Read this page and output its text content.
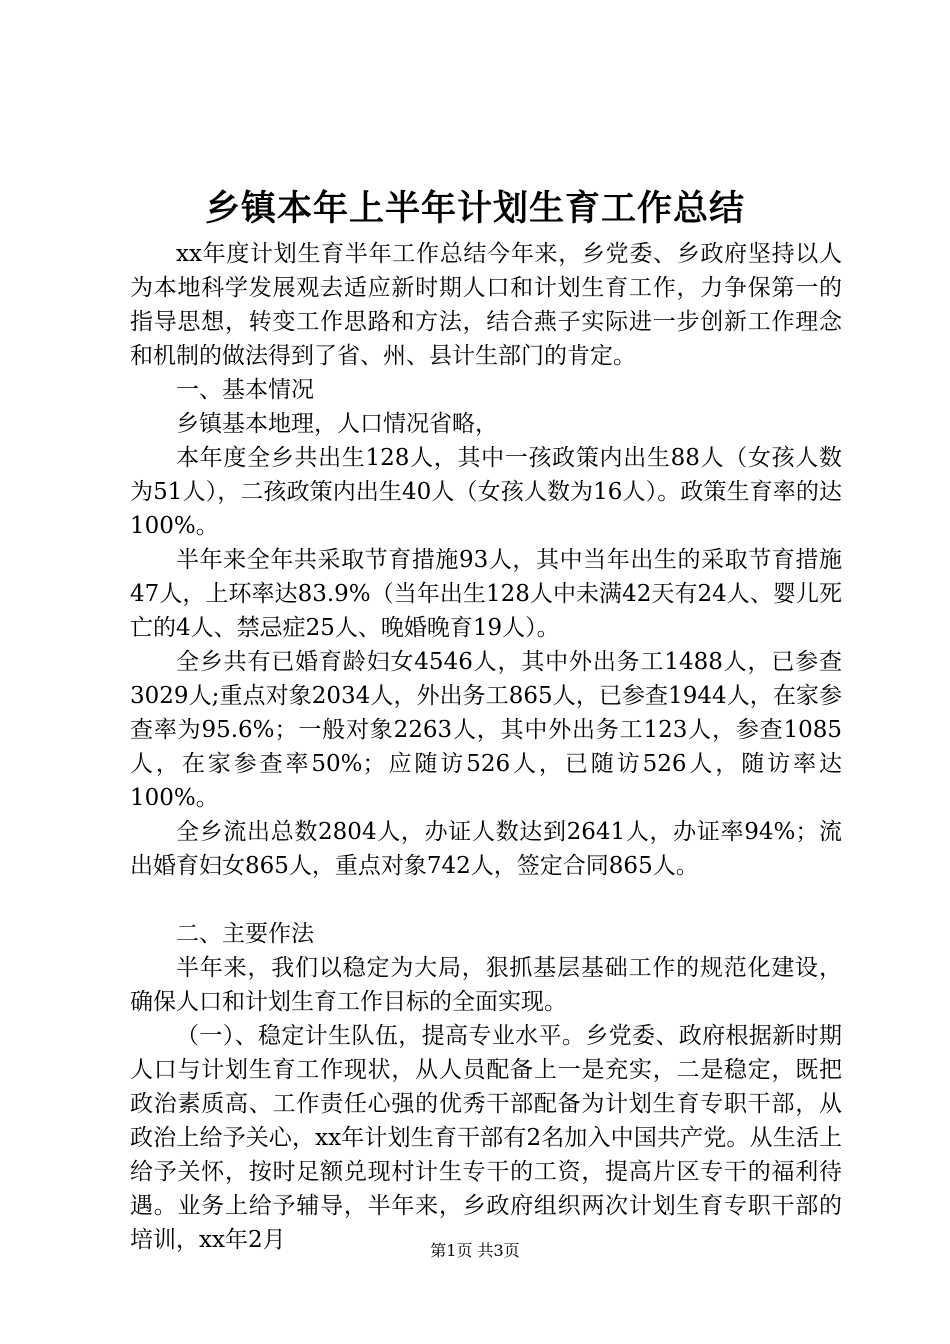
乡镇本年上半年计划生育工作总结

xx年度计划生育半年工作总结今年来，乡党委、乡政府坚持以人为本地科学发展观去适应新时期人口和计划生育工作，力争保第一的指导思想，转变工作思路和方法，结合燕子实际进一步创新工作理念和机制的做法得到了省、州、县计生部门的肯定。

一、基本情况

乡镇基本地理，人口情况省略，

本年度全乡共出生128人，其中一孩政策内出生88人（女孩人数为51人），二孩政策内出生40人（女孩人数为16人）。政策生育率的达100%。

半年来全年共采取节育措施93人，其中当年出生的采取节育措施47人，上环率达83.9%（当年出生128人中未满42天有24人、婴儿死亡的4人、禁忌症25人、晚婚晚育19人）。

全乡共有已婚育龄妇女4546人，其中外出务工1488人，已参查3029人;重点对象2034人，外出务工865人，已参查1944人，在家参查率为95.6%；一般对象2263人，其中外出务工123人，参查1085人，在家参查率50%；应随访526人，已随访526人，随访率达100%。

全乡流出总数2804人，办证人数达到2641人，办证率94%；流出婚育妇女865人，重点对象742人，签定合同865人。

二、主要作法

半年来，我们以稳定为大局，狠抓基层基础工作的规范化建设，确保人口和计划生育工作目标的全面实现。

（一）、稳定计生队伍，提高专业水平。乡党委、政府根据新时期人口与计划生育工作现状，从人员配备上一是充实，二是稳定，既把政治素质高、工作责任心强的优秀干部配备为计划生育专职干部，从政治上给予关心，xx年计划生育干部有2名加入中国共产党。从生活上给予关怀，按时足额兑现村计生专干的工资，提高片区专干的福利待遇。业务上给予辅导，半年来，乡政府组织两次计划生育专职干部的培训，xx年2月	第1页 共3页
